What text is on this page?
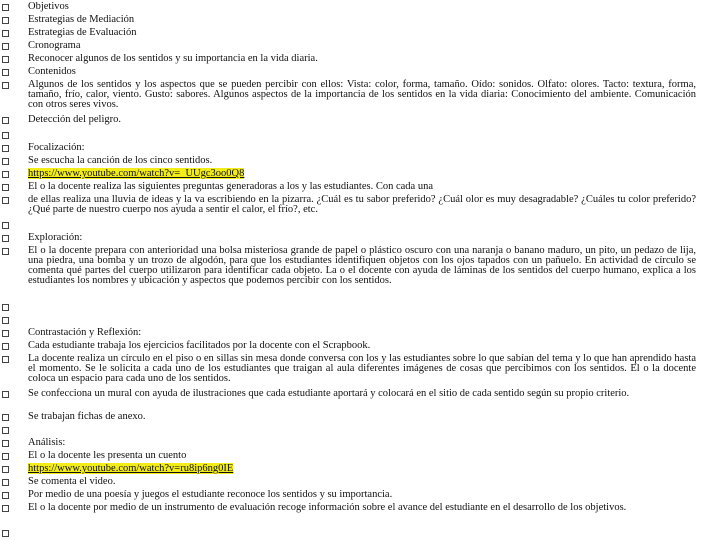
Objetivos
Estrategias de Mediación
Estrategias de Evaluación
Cronograma
Reconocer algunos de los sentidos y su importancia en la vida diaria.
Contenidos
Algunos de los sentidos y los aspectos que se pueden percibir con ellos: Vista: color, forma, tamaño. Oído: sonidos. Olfato: olores. Tacto: textura, forma, tamaño, frío, calor, viento. Gusto: sabores. Algunos aspectos de la importancia de los sentidos en la vida diaria: Conocimiento del ambiente. Comunicación con otros seres vivos.
Detección del peligro.
Focalización:
Se escucha la canción de los cinco sentidos.
https://www.youtube.com/watch?v=_UUgc3oo0Q8
El o la docente realiza las siguientes preguntas generadoras a los y las estudiantes. Con cada una
de ellas realiza una lluvia de ideas y la va escribiendo en la pizarra. ¿Cuál es tu sabor preferido? ¿Cuál olor es muy desagradable? ¿Cuáles tu color preferido? ¿Qué parte de nuestro cuerpo nos ayuda a sentir el calor, el frío?, etc.
Exploración:
El o la docente prepara con anterioridad una bolsa misteriosa grande de papel o plástico oscuro con una naranja o banano maduro, un pito, un pedazo de lija, una piedra, una bomba y un trozo de algodón, para que los estudiantes identifiquen objetos con los ojos tapados con un pañuelo. En actividad de círculo se comenta qué partes del cuerpo utilizaron para identificar cada objeto. La o el docente con ayuda de láminas de los sentidos del cuerpo humano, explica a los estudiantes los nombres y ubicación y aspectos que podemos percibir con los sentidos.
Contrastación y Reflexión:
Cada estudiante trabaja los ejercicios facilitados por la docente con el Scrapbook.
La docente realiza un círculo en el piso o en sillas sin mesa donde conversa con los y las estudiantes sobre lo que sabían del tema y lo que han aprendido hasta el momento. Se le solicita a cada uno de los estudiantes que traigan al aula diferentes imágenes de cosas que percibimos con los sentidos. El o la docente coloca un espacio para cada uno de los sentidos.
Se confecciona un mural con ayuda de ilustraciones que cada estudiante aportará y colocará en el sitio de cada sentido según su propio criterio.
Se trabajan fichas de anexo.
Análisis:
El o la docente les presenta un cuento
https://www.youtube.com/watch?v=ru8ip6ng0IE
Se comenta el video.
Por medio de una poesía y juegos el estudiante reconoce los sentidos y su importancia.
El o la docente por medio de un instrumento de evaluación recoge información sobre el avance del estudiante en el desarrollo de los objetivos.
